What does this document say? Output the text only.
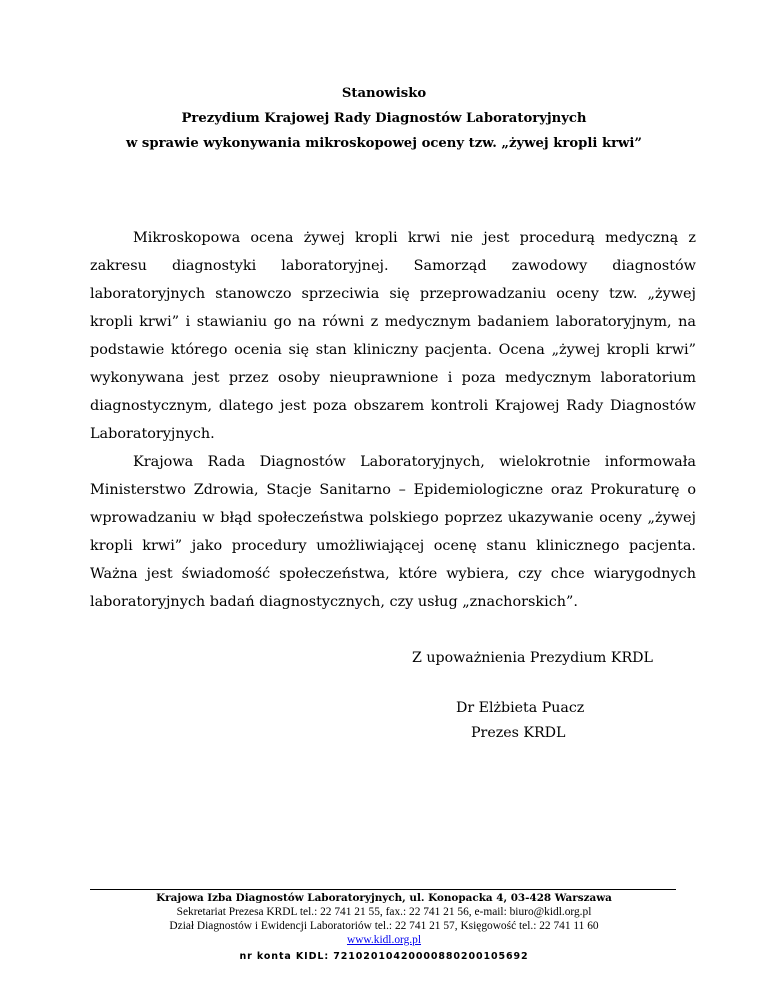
Stanowisko
Prezydium Krajowej Rady Diagnostów Laboratoryjnych
w sprawie wykonywania mikroskopowej oceny tzw. „żywej kropli krwi”

Mikroskopowa ocena żywej kropli krwi nie jest procedurą medyczną z zakresu diagnostyki laboratoryjnej. Samorząd zawodowy diagnostów laboratoryjnych stanowczo sprzeciwia się przeprowadzaniu oceny tzw. „żywej kropli krwi” i stawianiu go na równi z medycznym badaniem laboratoryjnym, na podstawie którego ocenia się stan kliniczny pacjenta. Ocena „żywej kropli krwi” wykonywana jest przez osoby nieuprawnione i poza medycznym laboratorium diagnostycznym, dlatego jest poza obszarem kontroli Krajowej Rady Diagnostów Laboratoryjnych.

Krajowa Rada Diagnostów Laboratoryjnych, wielokrotnie informowała Ministerstwo Zdrowia, Stacje Sanitarno – Epidemiologiczne oraz Prokuraturę o wprowadzaniu w błąd społeczeństwa polskiego poprzez ukazywanie oceny „żywej kropli krwi” jako procedury umożliwiającej ocenę stanu klinicznego pacjenta. Ważna jest świadomość społeczeństwa, które wybiera, czy chce wiarygodnych laboratoryjnych badań diagnostycznych, czy usług „znachorskich”.

Z upoważnienia Prezydium KRDL
Dr Elżbieta Puacz
Prezes KRDL
Krajowa Izba Diagnostów Laboratoryjnych, ul. Konopacka 4, 03-428 Warszawa
Sekretariat Prezesa KRDL tel.: 22 741 21 55, fax.: 22 741 21 56, e-mail: biuro@kidl.org.pl
Dział Diagnostów i Ewidencji Laboratoriów tel.: 22 741 21 57, Księgowość tel.: 22 741 11 60
www.kidl.org.pl
nr konta KIDL: 72102010420000880200105692
